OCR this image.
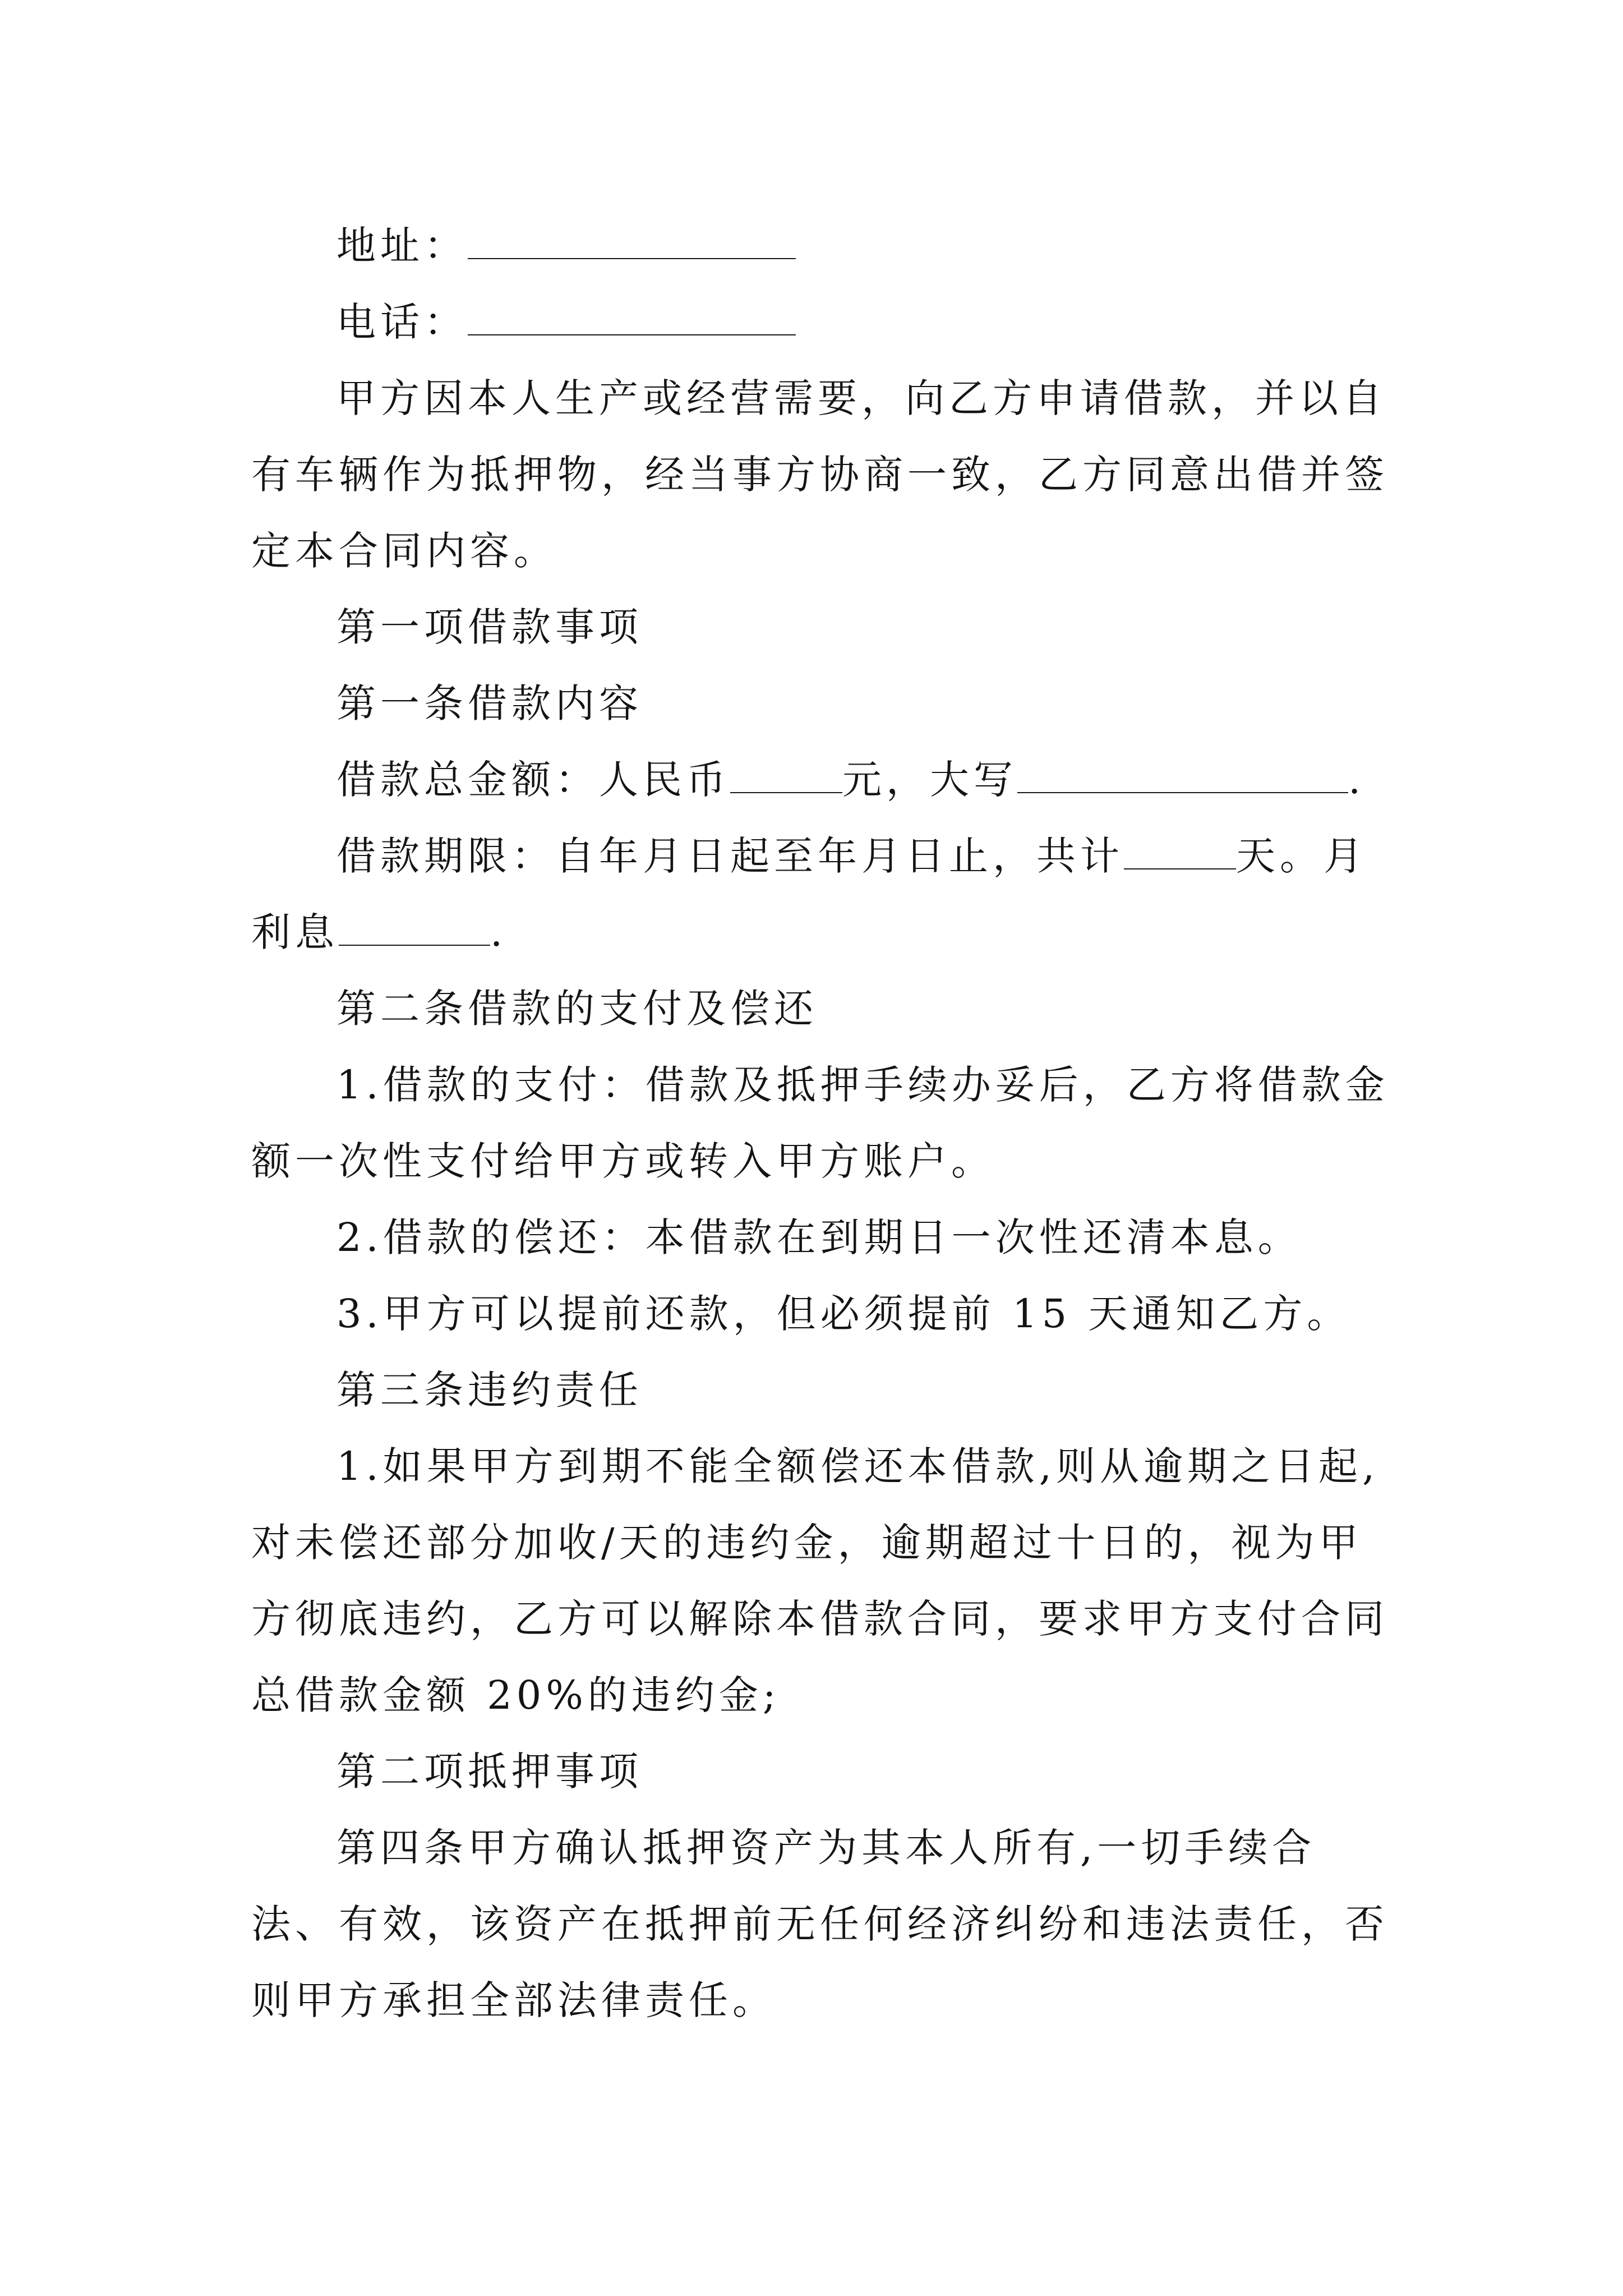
地址：

电话：

甲方因本人生产或经营需要，向乙方申请借款，并以自有车辆作为抵押物，经当事方协商一致，乙方同意出借并签定本合同内容。

第一项借款事项

第一条借款内容

借款总金额：人民币	元，大写	.

借款期限：自年月日起至年月日止，共计	天。月利息	.

第二条借款的支付及偿还

1.借款的支付：借款及抵押手续办妥后，乙方将借款金额一次性支付给甲方或转入甲方账户。

2.借款的偿还：本借款在到期日一次性还清本息。

3.甲方可以提前还款，但必须提前 15 天通知乙方。

第三条违约责任

1.如果甲方到期不能全额偿还本借款,则从逾期之日起,对未偿还部分加收/天的违约金，逾期超过十日的，视为甲方彻底违约，乙方可以解除本借款合同，要求甲方支付合同总借款金额 20%的违约金;

第二项抵押事项

第四条甲方确认抵押资产为其本人所有,一切手续合法、有效，该资产在抵押前无任何经济纠纷和违法责任，否则甲方承担全部法律责任。
